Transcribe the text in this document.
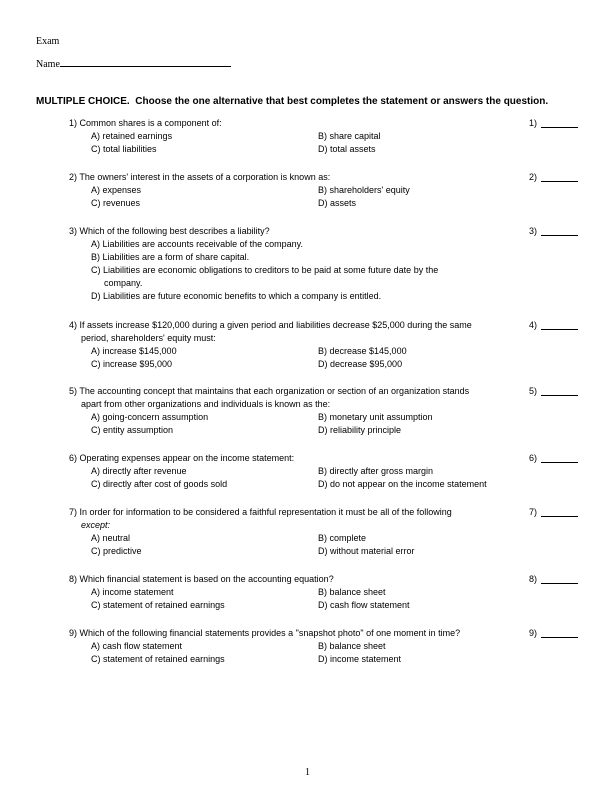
Exam
Name
MULTIPLE CHOICE. Choose the one alternative that best completes the statement or answers the question.
1) Common shares is a component of:	1)
A) retained earnings	B) share capital
C) total liabilities	D) total assets
2) The owners' interest in the assets of a corporation is known as:	2)
A) expenses	B) shareholders' equity
C) revenues	D) assets
3) Which of the following best describes a liability?	3)
A) Liabilities are accounts receivable of the company.
B) Liabilities are a form of share capital.
C) Liabilities are economic obligations to creditors to be paid at some future date by the
company.
D) Liabilities are future economic benefits to which a company is entitled.
4) If assets increase $120,000 during a given period and liabilities decrease $25,000 during the same
period, shareholders' equity must:
4)
A) increase $145,000	B) decrease $145,000
C) increase $95,000	D) decrease $95,000
5) The accounting concept that maintains that each organization or section of an organization stands
apart from other organizations and individuals is known as the:
5)
A) going-concern assumption	B) monetary unit assumption
C) entity assumption	D) reliability principle
6) Operating expenses appear on the income statement:	6)
A) directly after revenue	B) directly after gross margin
C) directly after cost of goods sold	D) do not appear on the income statement
7) In order for information to be considered a faithful representation it must be all of the following
except:
7)
A) neutral	B) complete
C) predictive	D) without material error
8) Which financial statement is based on the accounting equation?	8)
A) income statement	B) balance sheet
C) statement of retained earnings	D) cash flow statement
9) Which of the following financial statements provides a "snapshot photo" of one moment in time?	9)
A) cash flow statement	B) balance sheet
C) statement of retained earnings	D) income statement
1
